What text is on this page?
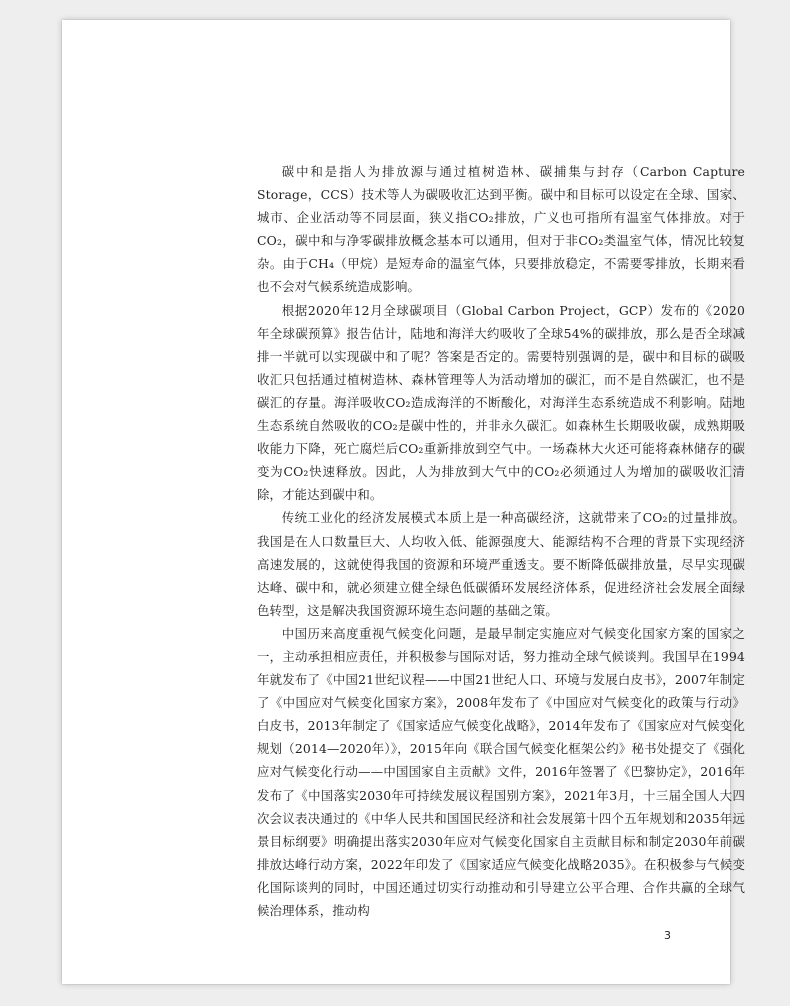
碳中和是指人为排放源与通过植树造林、碳捕集与封存（Carbon Capture Storage，CCS）技术等人为碳吸收汇达到平衡。碳中和目标可以设定在全球、国家、城市、企业活动等不同层面，狭义指CO₂排放，广义也可指所有温室气体排放。对于CO₂，碳中和与净零碳排放概念基本可以通用，但对于非CO₂类温室气体，情况比较复杂。由于CH₄（甲烷）是短寿命的温室气体，只要排放稳定，不需要零排放，长期来看也不会对气候系统造成影响。

根据2020年12月全球碳项目（Global Carbon Project，GCP）发布的《2020年全球碳预算》报告估计，陆地和海洋大约吸收了全球54%的碳排放，那么是否全球减排一半就可以实现碳中和了呢？答案是否定的。需要特别强调的是，碳中和目标的碳吸收汇只包括通过植树造林、森林管理等人为活动增加的碳汇，而不是自然碳汇，也不是碳汇的存量。海洋吸收CO₂造成海洋的不断酸化，对海洋生态系统造成不利影响。陆地生态系统自然吸收的CO₂是碳中性的，并非永久碳汇。如森林生长期吸收碳，成熟期吸收能力下降，死亡腐烂后CO₂重新排放到空气中。一场森林大火还可能将森林储存的碳变为CO₂快速释放。因此，人为排放到大气中的CO₂必须通过人为增加的碳吸收汇清除，才能达到碳中和。

传统工业化的经济发展模式本质上是一种高碳经济，这就带来了CO₂的过量排放。我国是在人口数量巨大、人均收入低、能源强度大、能源结构不合理的背景下实现经济高速发展的，这就使得我国的资源和环境严重透支。要不断降低碳排放量，尽早实现碳达峰、碳中和，就必须建立健全绿色低碳循环发展经济体系，促进经济社会发展全面绿色转型，这是解决我国资源环境生态问题的基础之策。

中国历来高度重视气候变化问题，是最早制定实施应对气候变化国家方案的国家之一，主动承担相应责任，并积极参与国际对话，努力推动全球气候谈判。我国早在1994年就发布了《中国21世纪议程——中国21世纪人口、环境与发展白皮书》，2007年制定了《中国应对气候变化国家方案》，2008年发布了《中国应对气候变化的政策与行动》白皮书，2013年制定了《国家适应气候变化战略》，2014年发布了《国家应对气候变化规划（2014—2020年）》，2015年向《联合国气候变化框架公约》秘书处提交了《强化应对气候变化行动——中国国家自主贡献》文件，2016年签署了《巴黎协定》，2016年发布了《中国落实2030年可持续发展议程国别方案》，2021年3月，十三届全国人大四次会议表决通过的《中华人民共和国国民经济和社会发展第十四个五年规划和2035年远景目标纲要》明确提出落实2030年应对气候变化国家自主贡献目标和制定2030年前碳排放达峰行动方案，2022年印发了《国家适应气候变化战略2035》。在积极参与气候变化国际谈判的同时，中国还通过切实行动推动和引导建立公平合理、合作共赢的全球气候治理体系，推动构

3
